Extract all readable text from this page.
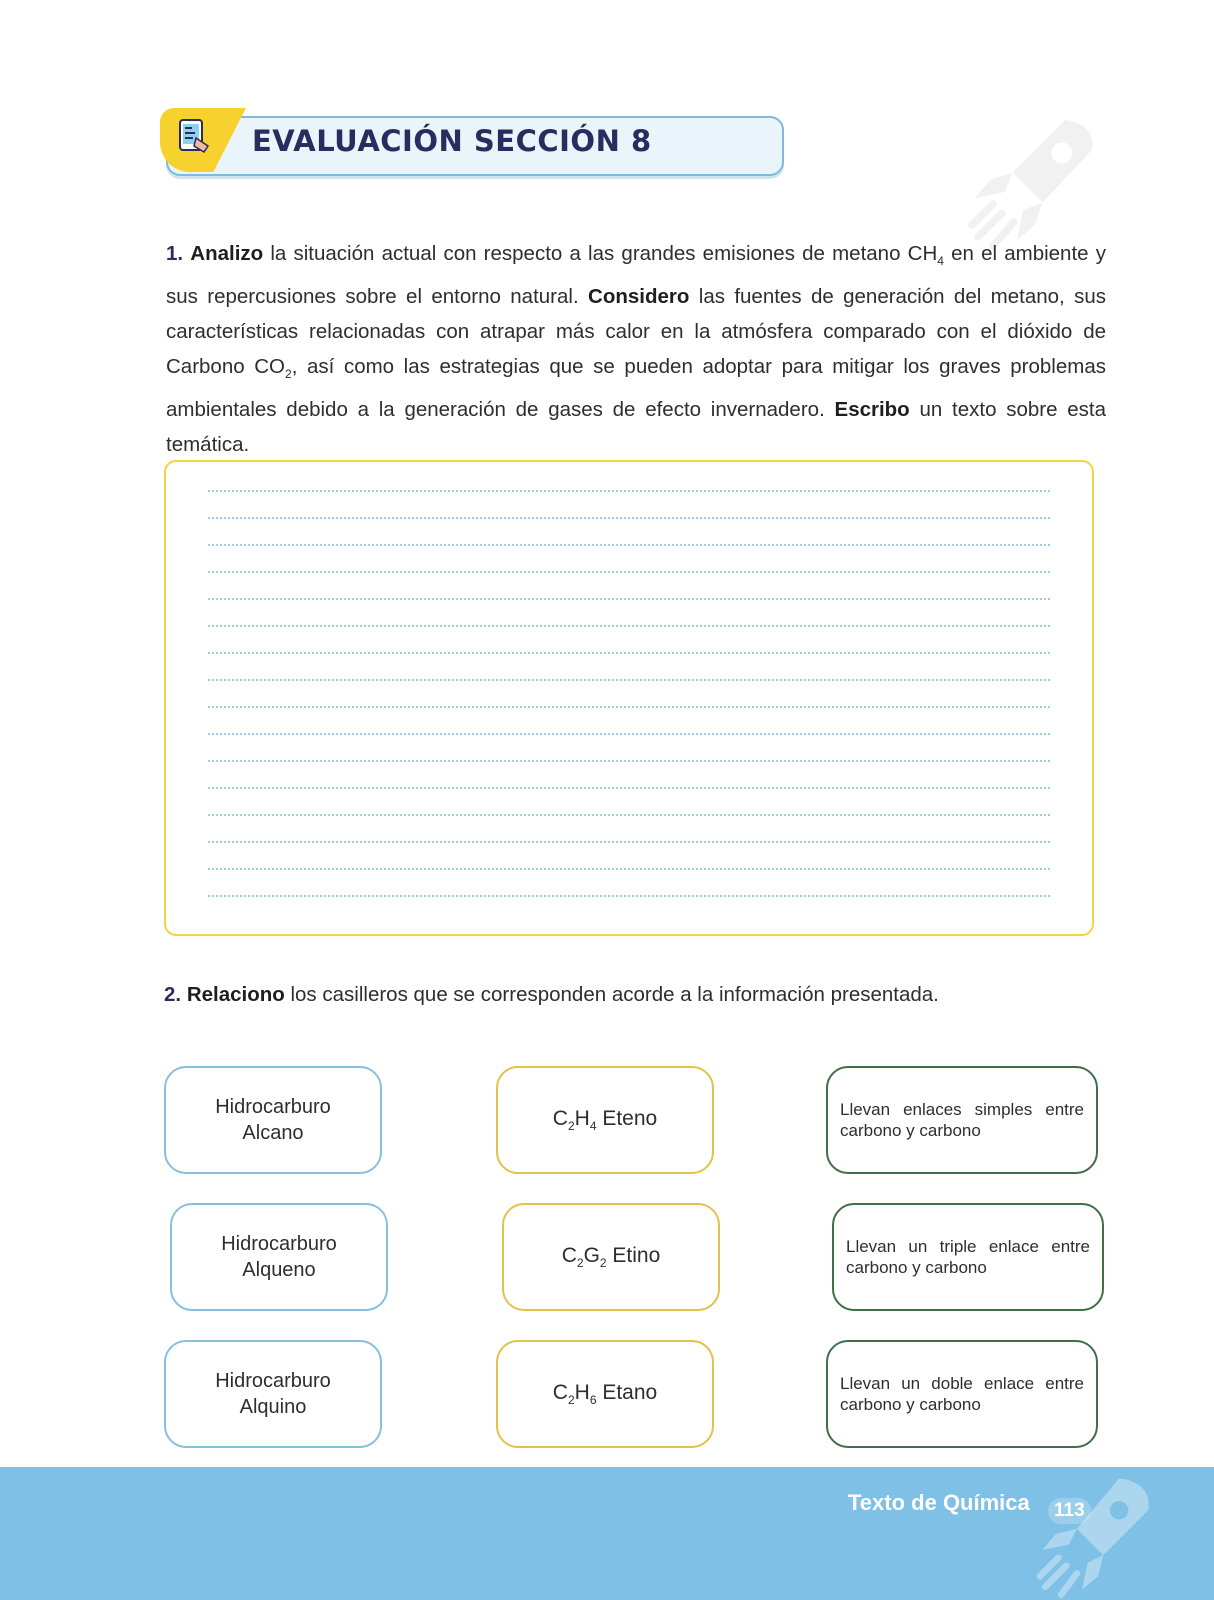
EVALUACIÓN SECCIÓN 8
1. Analizo la situación actual con respecto a las grandes emisiones de metano $CH_4$ en el ambiente y sus repercusiones sobre el entorno natural. Considero las fuentes de generación del metano, sus características relacionadas con atrapar más calor en la atmósfera comparado con el dióxido de Carbono $CO_2$, así como las estrategias que se pueden adoptar para mitigar los graves problemas ambientales debido a la generación de gases de efecto invernadero. Escribo un texto sobre esta temática.
2. Relaciono los casilleros que se corresponden acorde a la información presentada.
Hidrocarburo
Alcano
Hidrocarburo
Alqueno
Hidrocarburo
Alquino
$C_2H_4$ Eteno
$C_2G_2$ Etino
$C_2H_6$ Etano
Llevan enlaces simples entre carbono y carbono
Llevan un triple enlace entre carbono y carbono
Llevan un doble enlace entre carbono y carbono
Texto de Química	113
